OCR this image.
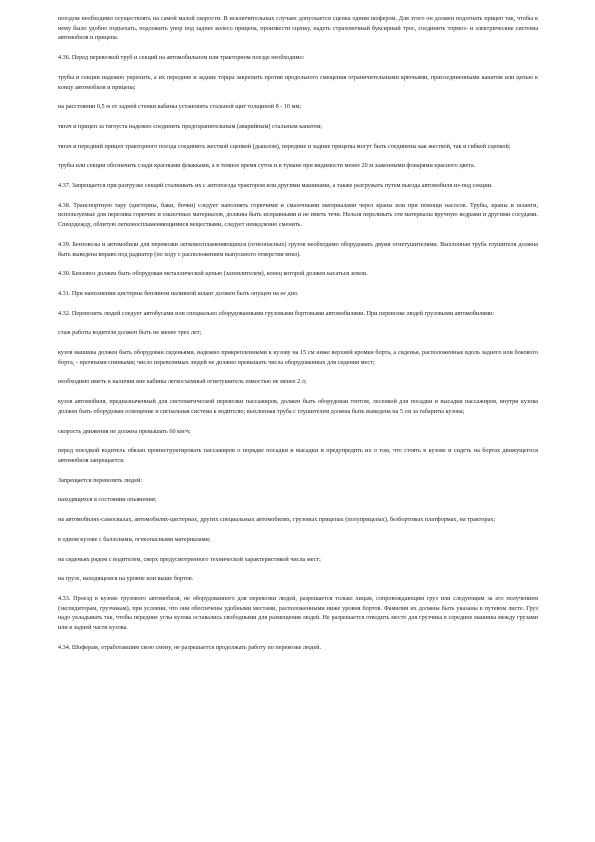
поездом необходимо осуществлять на самой малой скорости. В исключительных случаях допускается сцепка одним шофером. Для этого он должен подогнать прицеп так, чтобы к нему было удобно подъехать, подложить упор под заднее колесо прицепа, произвести сцепку, надеть страховочный буксирный трос, соединить тормоз- и электрические системы автомобиля и прицепа.

4.36. Перед перевозкой труб и секций на автомобильном или тракторном поезде необходимо:

трубы и секции надежно укрепить, а их передние и задние торцы закрепить против продольного смещения ограничительными крючьями, присоединенными канатом или цепью к концу автомобиля и прицепа;

на расстоянии 0,5 м от задней стенки кабины установить стальной щит толщиной 8 - 10 мм;

тягач и прицеп за тягоуста надежно соединить предохранительным (аварийным) стальным канатом;

тягач и передний прицеп тракторного поезда соединить жесткой сцепкой (дышлом), передние и задние прицепы могут быть соединены как жесткой, так и гибкой сцепкой;

трубы или секции обозначить сзади красными флажками, а в темное время суток и в тумане при видимости менее 20 м заженными фонарями красного цвета.

4.37. Запрещается при разгрузке секций сталкивать их с автопоезда трактором или другими машинами, а также разгружать путем выезда автомобиля из-под секции.

4.38. Транспортную тару (цистерны, баки, бочки) следует наполнять горючими и смазочными материалами через краны или при помощи насосов. Трубы, краны и шланги, используемые для перелива горючих и смазочных материалов, должны быть исправными и не иметь течи. Нельзя переливать эти материалы вручную ведрами и другими сосудами. Спецодежду, облитую легковоспламеняющимися веществами, следует немедленно сменить.

4.39. Бензовозы и автомобили для перевозки легковоспламеняющихся (огнеопасных) грузов необходимо оборудовать двумя огнетушителями. Выхлопная труба глушителя должна быть выведена вправо под радиатор (по ходу с расположением выпускного отверстия вниз).

4.30. Бензовоз должен быть оборудован металлической цепью (заземлителем), конец которой должен касаться земли.

4.31. При наполнении цистерны бензином наливной шланг должен быть опущен на ее дно.

4.32. Перевозить людей следует автобусами или специально оборудованными грузовыми бортовыми автомобилями. При перевозке людей грузовыми автомобилями:

стаж работы водителя должен быть не менее трех лет;

кузов машины должен быть оборудован сиденьями, надежно прикрепленными к кузову на 15 см ниже верхней кромки борта, а сиденья, расположенные вдоль заднего или бокового борта, - прочными спинками; число перевозимых людей не должно превышать числа оборудованных для сидения мест;

необходимо иметь в наличии вне кабины легкосъемный огнетушитель емкостью не менее 2 л;

кузов автомобиля, предназначенный для систематической перевозки пассажиров, должен быть оборудован тентом, лесенкой для посадки и высадки пассажиров, внутри кузова должен быть оборудован освещение и сигнальная система к водителю; выхлопная труба с глушителем должна быть выведена на 5 см за габариты кузова;

скорость движения не должна превышать 60 км/ч;

перед поездкой водитель обязан проинструктировать пассажиров о порядке посадки и высадки и предупредить их о том, что стоять в кузове и сидеть на бортах движущегося автомобиля запрещается.

Запрещается перевозить людей:

находящихся в состоянии опьянения;

на автомобилях-самосвалах, автомобилях-цистернах, других специальных автомобилях, грузовых прицепах (полуприцепах), безбортовых платформах, на тракторах;

в одном кузове с баллонами, огнеопасными материалами;

на сиденьях рядом с водителем, сверх предусмотренного технической характеристикой числа мест;

на грузе, находящемся на уровне или выше бортов.

4.33. Проезд в кузове грузового автомобиля, не оборудованного для перевозки людей, разрешается только лицам, сопровождающим груз или следующим за его получением (экспедиторам, грузчикам), при условии, что они обеспечены удобными местами, расположенными ниже уровня бортов. Фамилии их должны быть указаны в путевом листе. Груз надо укладывать так, чтобы передние углы кузова оставались свободными для размещения людей. Не разрешается отводить место для грузчика в середине машины между грузами или в задней части кузова.

4.34. Шоферам, отработавшим свою смену, не разрешается продолжать работу по перевозке людей.
